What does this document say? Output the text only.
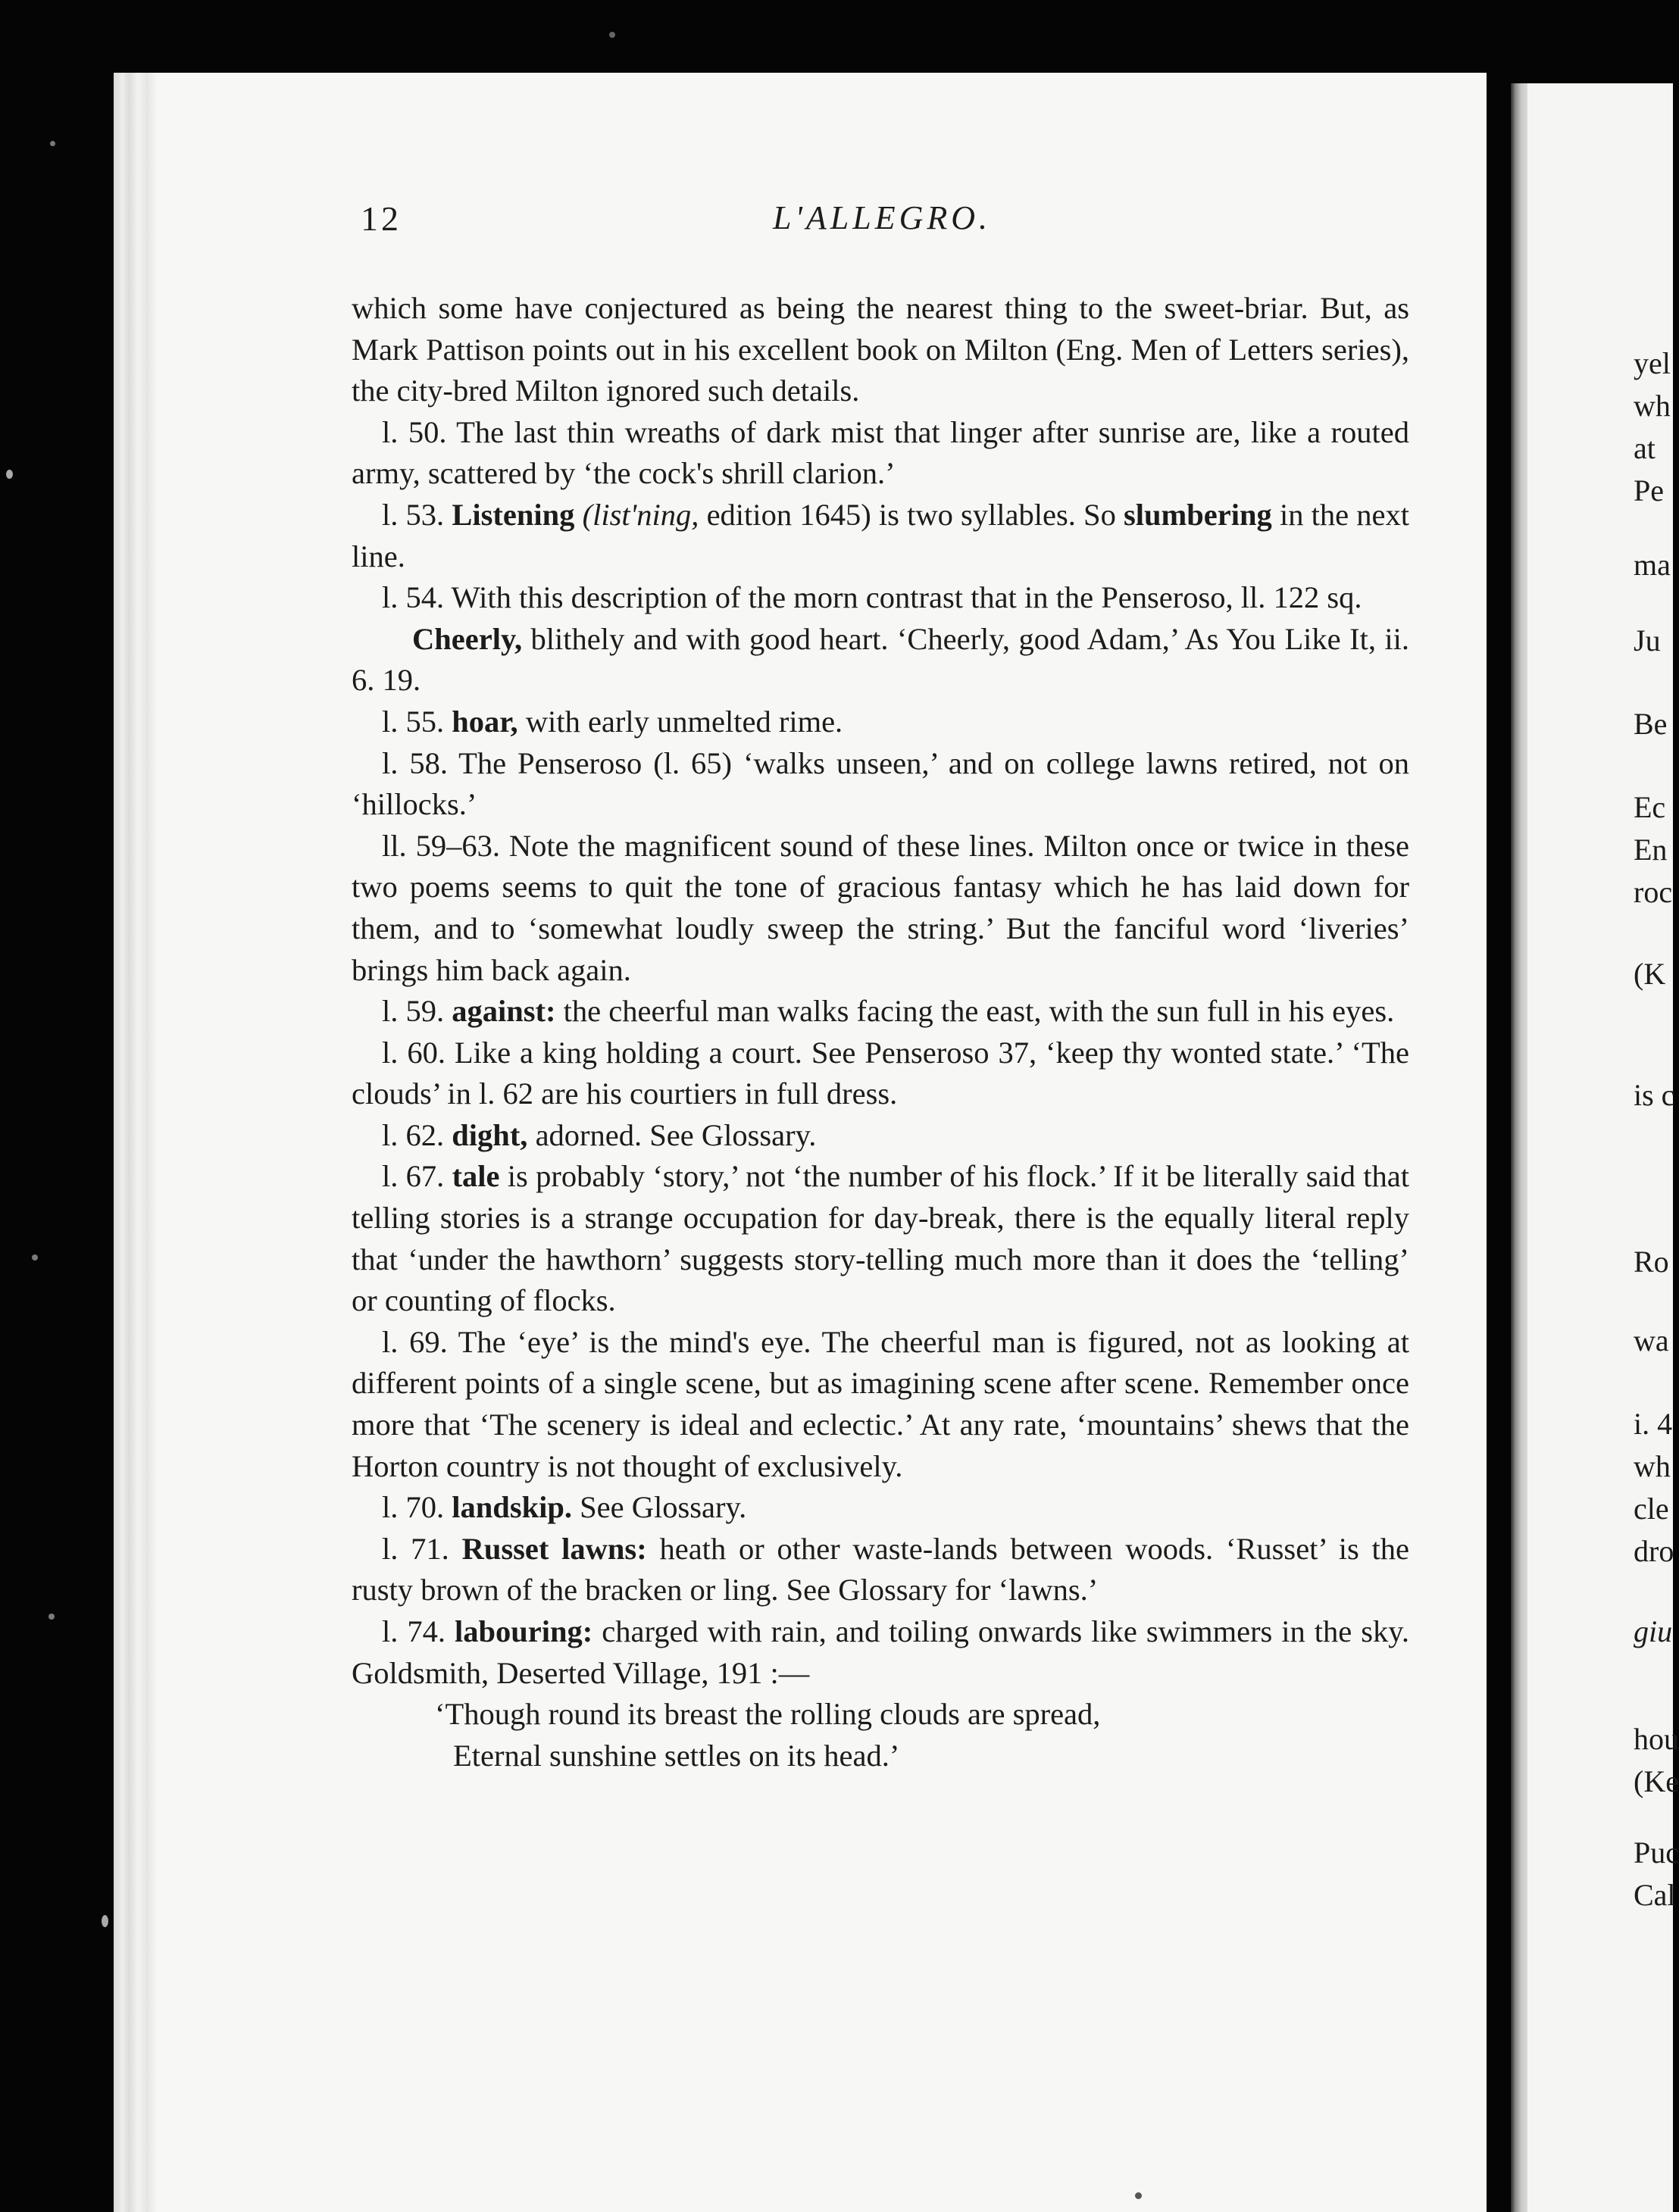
yel
wh
at
Pe
ma
Ju
Be
Ec
En
roc
(K
is c
Ro
wa
i. 4
wh
cle
dro
giu
hou
(Ke
Puc
Cal
12	L'ALLEGRO.

which some have conjectured as being the nearest thing to the sweet-briar. But, as Mark Pattison points out in his excellent book on Milton (Eng. Men of Letters series), the city-bred Milton ignored such details.

l. 50. The last thin wreaths of dark mist that linger after sunrise are, like a routed army, scattered by ‘the cock's shrill clarion.’

l. 53. Listening (list'ning, edition 1645) is two syllables. So slumbering in the next line.

l. 54. With this description of the morn contrast that in the Penseroso, ll. 122 sq.

Cheerly, blithely and with good heart. ‘Cheerly, good Adam,’ As You Like It, ii. 6. 19.

l. 55. hoar, with early unmelted rime.

l. 58. The Penseroso (l. 65) ‘walks unseen,’ and on college lawns retired, not on ‘hillocks.’

ll. 59–63. Note the magnificent sound of these lines. Milton once or twice in these two poems seems to quit the tone of gracious fantasy which he has laid down for them, and to ‘somewhat loudly sweep the string.’ But the fanciful word ‘liveries’ brings him back again.

l. 59. against: the cheerful man walks facing the east, with the sun full in his eyes.

l. 60. Like a king holding a court. See Penseroso 37, ‘keep thy wonted state.’ ‘The clouds’ in l. 62 are his courtiers in full dress.

l. 62. dight, adorned. See Glossary.

l. 67. tale is probably ‘story,’ not ‘the number of his flock.’ If it be literally said that telling stories is a strange occupation for day-break, there is the equally literal reply that ‘under the hawthorn’ suggests story-telling much more than it does the ‘telling’ or counting of flocks.

l. 69. The ‘eye’ is the mind's eye. The cheerful man is figured, not as looking at different points of a single scene, but as imagining scene after scene. Remember once more that ‘The scenery is ideal and eclectic.’ At any rate, ‘mountains’ shews that the Horton country is not thought of exclusively.

l. 70. landskip. See Glossary.

l. 71. Russet lawns: heath or other waste-lands between woods. ‘Russet’ is the rusty brown of the bracken or ling. See Glossary for ‘lawns.’

l. 74. labouring: charged with rain, and toiling onwards like swimmers in the sky. Goldsmith, Deserted Village, 191 :—

‘Though round its breast the rolling clouds are spread,

Eternal sunshine settles on its head.’
